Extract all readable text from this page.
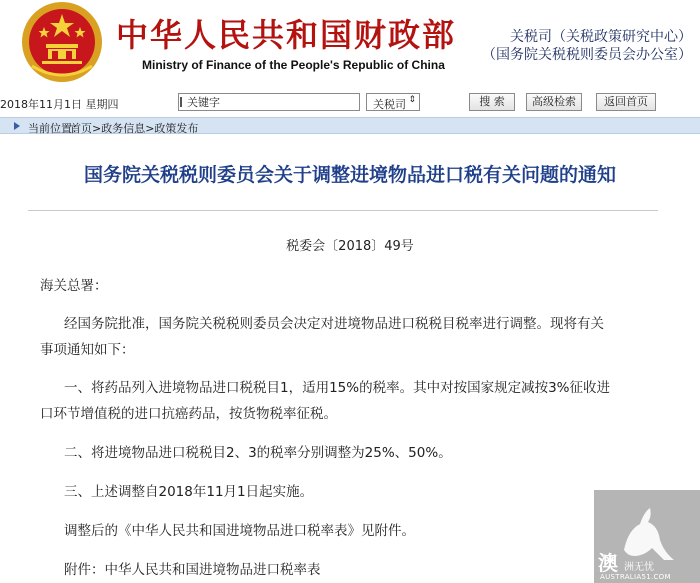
中华人民共和国财政部
Ministry of Finance of the People's Republic of China
关税司（关税政策研究中心）
（国务院关税税则委员会办公室）
2018年11月1日 星期四
关键字	关税司 ⇕	搜 索	高级检索	返回首页
当前位置：
首页>政务信息>政策发布
国务院关税税则委员会关于调整进境物品进口税有关问题的通知
税委会〔2018〕49号
海关总署：
经国务院批准，国务院关税税则委员会决定对进境物品进口税税目税率进行调整。现将有关
事项通知如下：
一、将药品列入进境物品进口税税目1，适用15%的税率。其中对按国家规定减按3%征收进
口环节增值税的进口抗癌药品，按货物税率征税。
二、将进境物品进口税税目2、3的税率分别调整为25%、50%。
三、上述调整自2018年11月1日起实施。
调整后的《中华人民共和国进境物品进口税率表》见附件。
附件：中华人民共和国进境物品进口税率表	澳 洲无忧
AUSTRALIA51.COM
